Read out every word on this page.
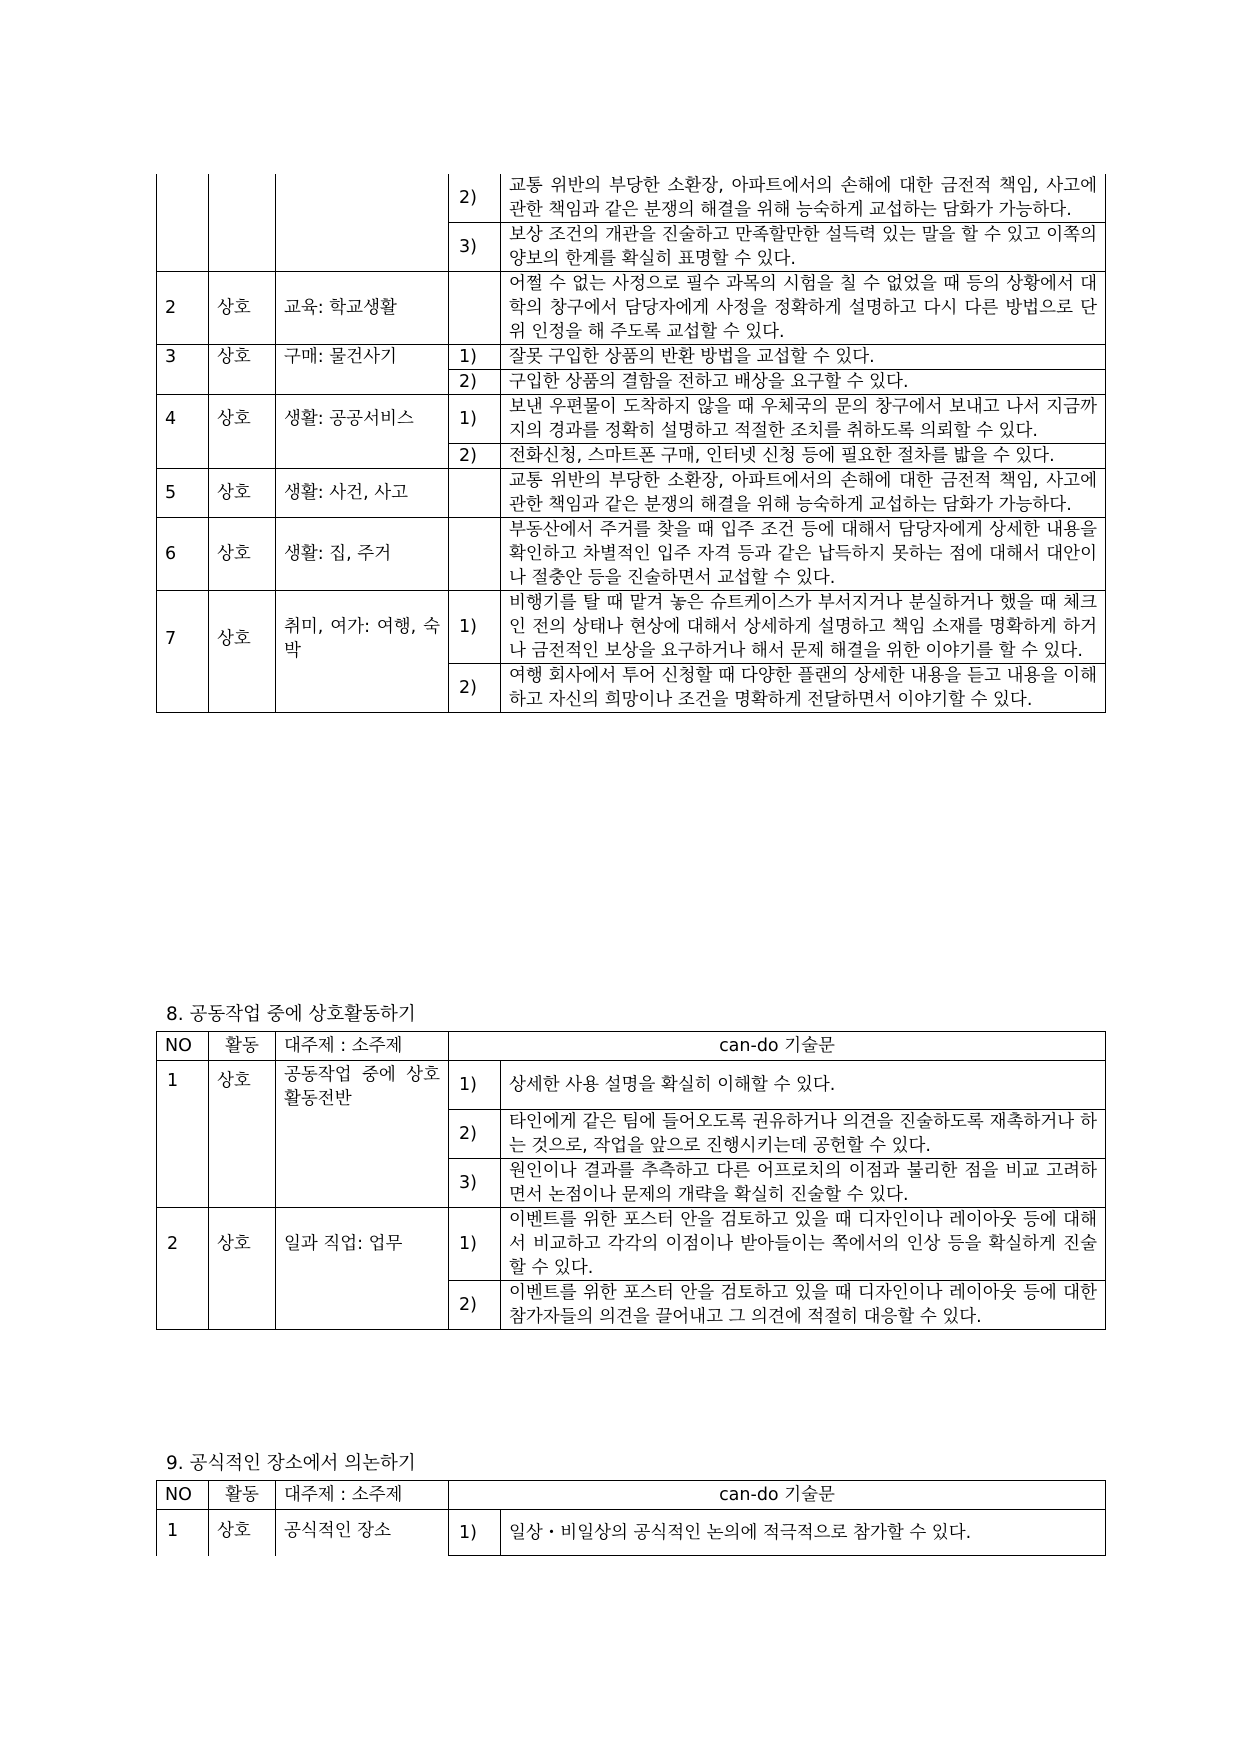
			2)	교통 위반의 부당한 소환장, 아파트에서의 손해에 대한 금전적 책임, 사고에 관한 책임과 같은 분쟁의 해결을 위해 능숙하게 교섭하는 담화가 가능하다.
			3)	보상 조건의 개관을 진술하고 만족할만한 설득력 있는 말을 할 수 있고 이쪽의 양보의 한계를 확실히 표명할 수 있다.
2	상호	교육: 학교생활		어쩔 수 없는 사정으로 필수 과목의 시험을 칠 수 없었을 때 등의 상황에서 대학의 창구에서 담당자에게 사정을 정확하게 설명하고 다시 다른 방법으로 단위 인정을 해 주도록 교섭할 수 있다.
3	상호	구매: 물건사기	1)	잘못 구입한 상품의 반환 방법을 교섭할 수 있다.
			2)	구입한 상품의 결함을 전하고 배상을 요구할 수 있다.
4	상호	생활: 공공서비스	1)	보낸 우편물이 도착하지 않을 때 우체국의 문의 창구에서 보내고 나서 지금까지의 경과를 정확히 설명하고 적절한 조치를 취하도록 의뢰할 수 있다.
			2)	전화신청, 스마트폰 구매, 인터넷 신청 등에 필요한 절차를 밟을 수 있다.
5	상호	생활: 사건, 사고		교통 위반의 부당한 소환장, 아파트에서의 손해에 대한 금전적 책임, 사고에 관한 책임과 같은 분쟁의 해결을 위해 능숙하게 교섭하는 담화가 가능하다.
6	상호	생활: 집, 주거		부동산에서 주거를 찾을 때 입주 조건 등에 대해서 담당자에게 상세한 내용을 확인하고 차별적인 입주 자격 등과 같은 납득하지 못하는 점에 대해서 대안이나 절충안 등을 진술하면서 교섭할 수 있다.
7	상호	취미, 여가: 여행, 숙박	1)	비행기를 탈 때 맡겨 놓은 슈트케이스가 부서지거나 분실하거나 했을 때 체크인 전의 상태나 현상에 대해서 상세하게 설명하고 책임 소재를 명확하게 하거나 금전적인 보상을 요구하거나 해서 문제 해결을 위한 이야기를 할 수 있다.
			2)	여행 회사에서 투어 신청할 때 다양한 플랜의 상세한 내용을 듣고 내용을 이해하고 자신의 희망이나 조건을 명확하게 전달하면서 이야기할 수 있다.
8. 공동작업 중에 상호활동하기
NO	활동	대주제 : 소주제	can-do 기술문	
1	상호	공동작업 중에 상호활동전반	1)	상세한 사용 설명을 확실히 이해할 수 있다.
			2)	타인에게 같은 팀에 들어오도록 권유하거나 의견을 진술하도록 재촉하거나 하는 것으로, 작업을 앞으로 진행시키는데 공헌할 수 있다.
			3)	원인이나 결과를 추측하고 다른 어프로치의 이점과 불리한 점을 비교 고려하면서 논점이나 문제의 개략을 확실히 진술할 수 있다.
2	상호	일과 직업: 업무	1)	이벤트를 위한 포스터 안을 검토하고 있을 때 디자인이나 레이아웃 등에 대해서 비교하고 각각의 이점이나 받아들이는 쪽에서의 인상 등을 확실하게 진술할 수 있다.
			2)	이벤트를 위한 포스터 안을 검토하고 있을 때 디자인이나 레이아웃 등에 대한 참가자들의 의견을 끌어내고 그 의견에 적절히 대응할 수 있다.
9. 공식적인 장소에서 의논하기
NO	활동	대주제 : 소주제	can-do 기술문	
1	상호	공식적인 장소	1)	일상・비일상의 공식적인 논의에 적극적으로 참가할 수 있다.
